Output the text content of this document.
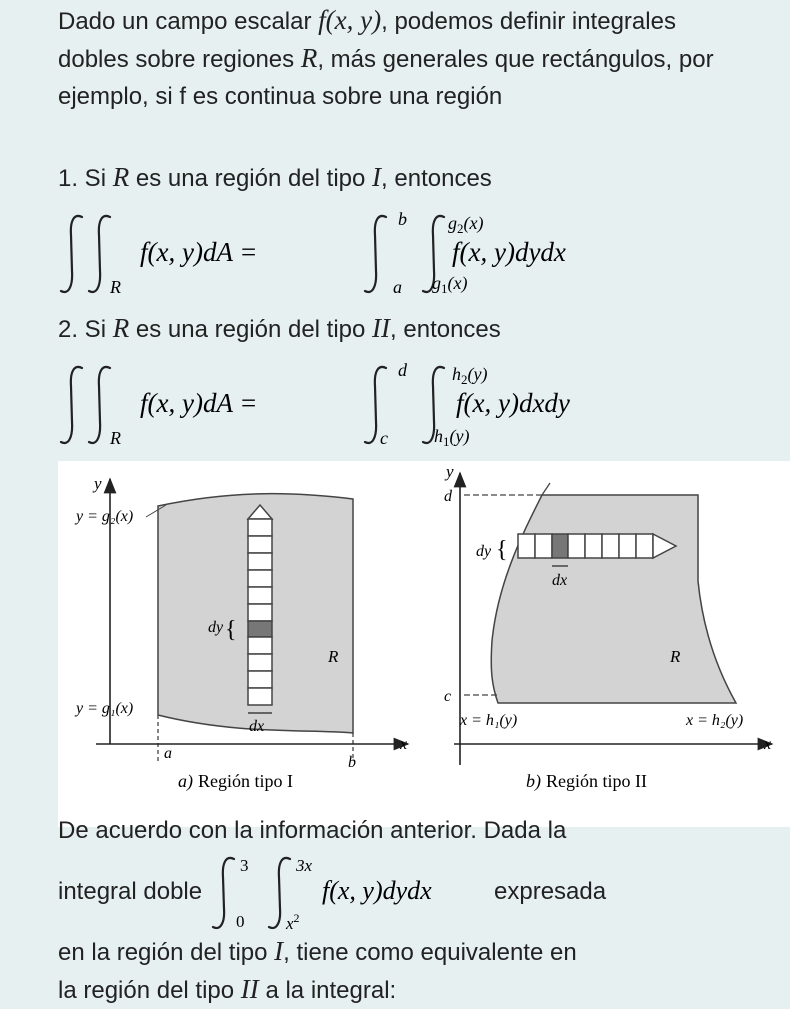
Dado un campo escalar f(x, y), podemos definir integrales dobles sobre regiones R, más generales que rectángulos, por ejemplo, si f es continua sobre una región
1. Si R es una región del tipo I, entonces
R
f(x, y)dA =
a
b
$g_1(x)$
$g_2(x)$
f(x, y)dydx
2. Si R es una región del tipo II, entonces
R
f(x, y)dA =
c
d
$h_1(y)$
$h_2(y)$
f(x, y)dxdy
y
y = g₂(x)
y = g₁(x)
dy {
R
dx
a
b
x
a) Región tipo I
y
d
c
dy {
dx
R
x = h₁(y)	x = h₂(y)
x
b) Región tipo II
De acuerdo con la información anterior. Dada la
integral doble
0
3
$x^2$
3x
f(x, y)dydx	expresada
en la región del tipo I, tiene como equivalente en
la región del tipo II a la integral:
